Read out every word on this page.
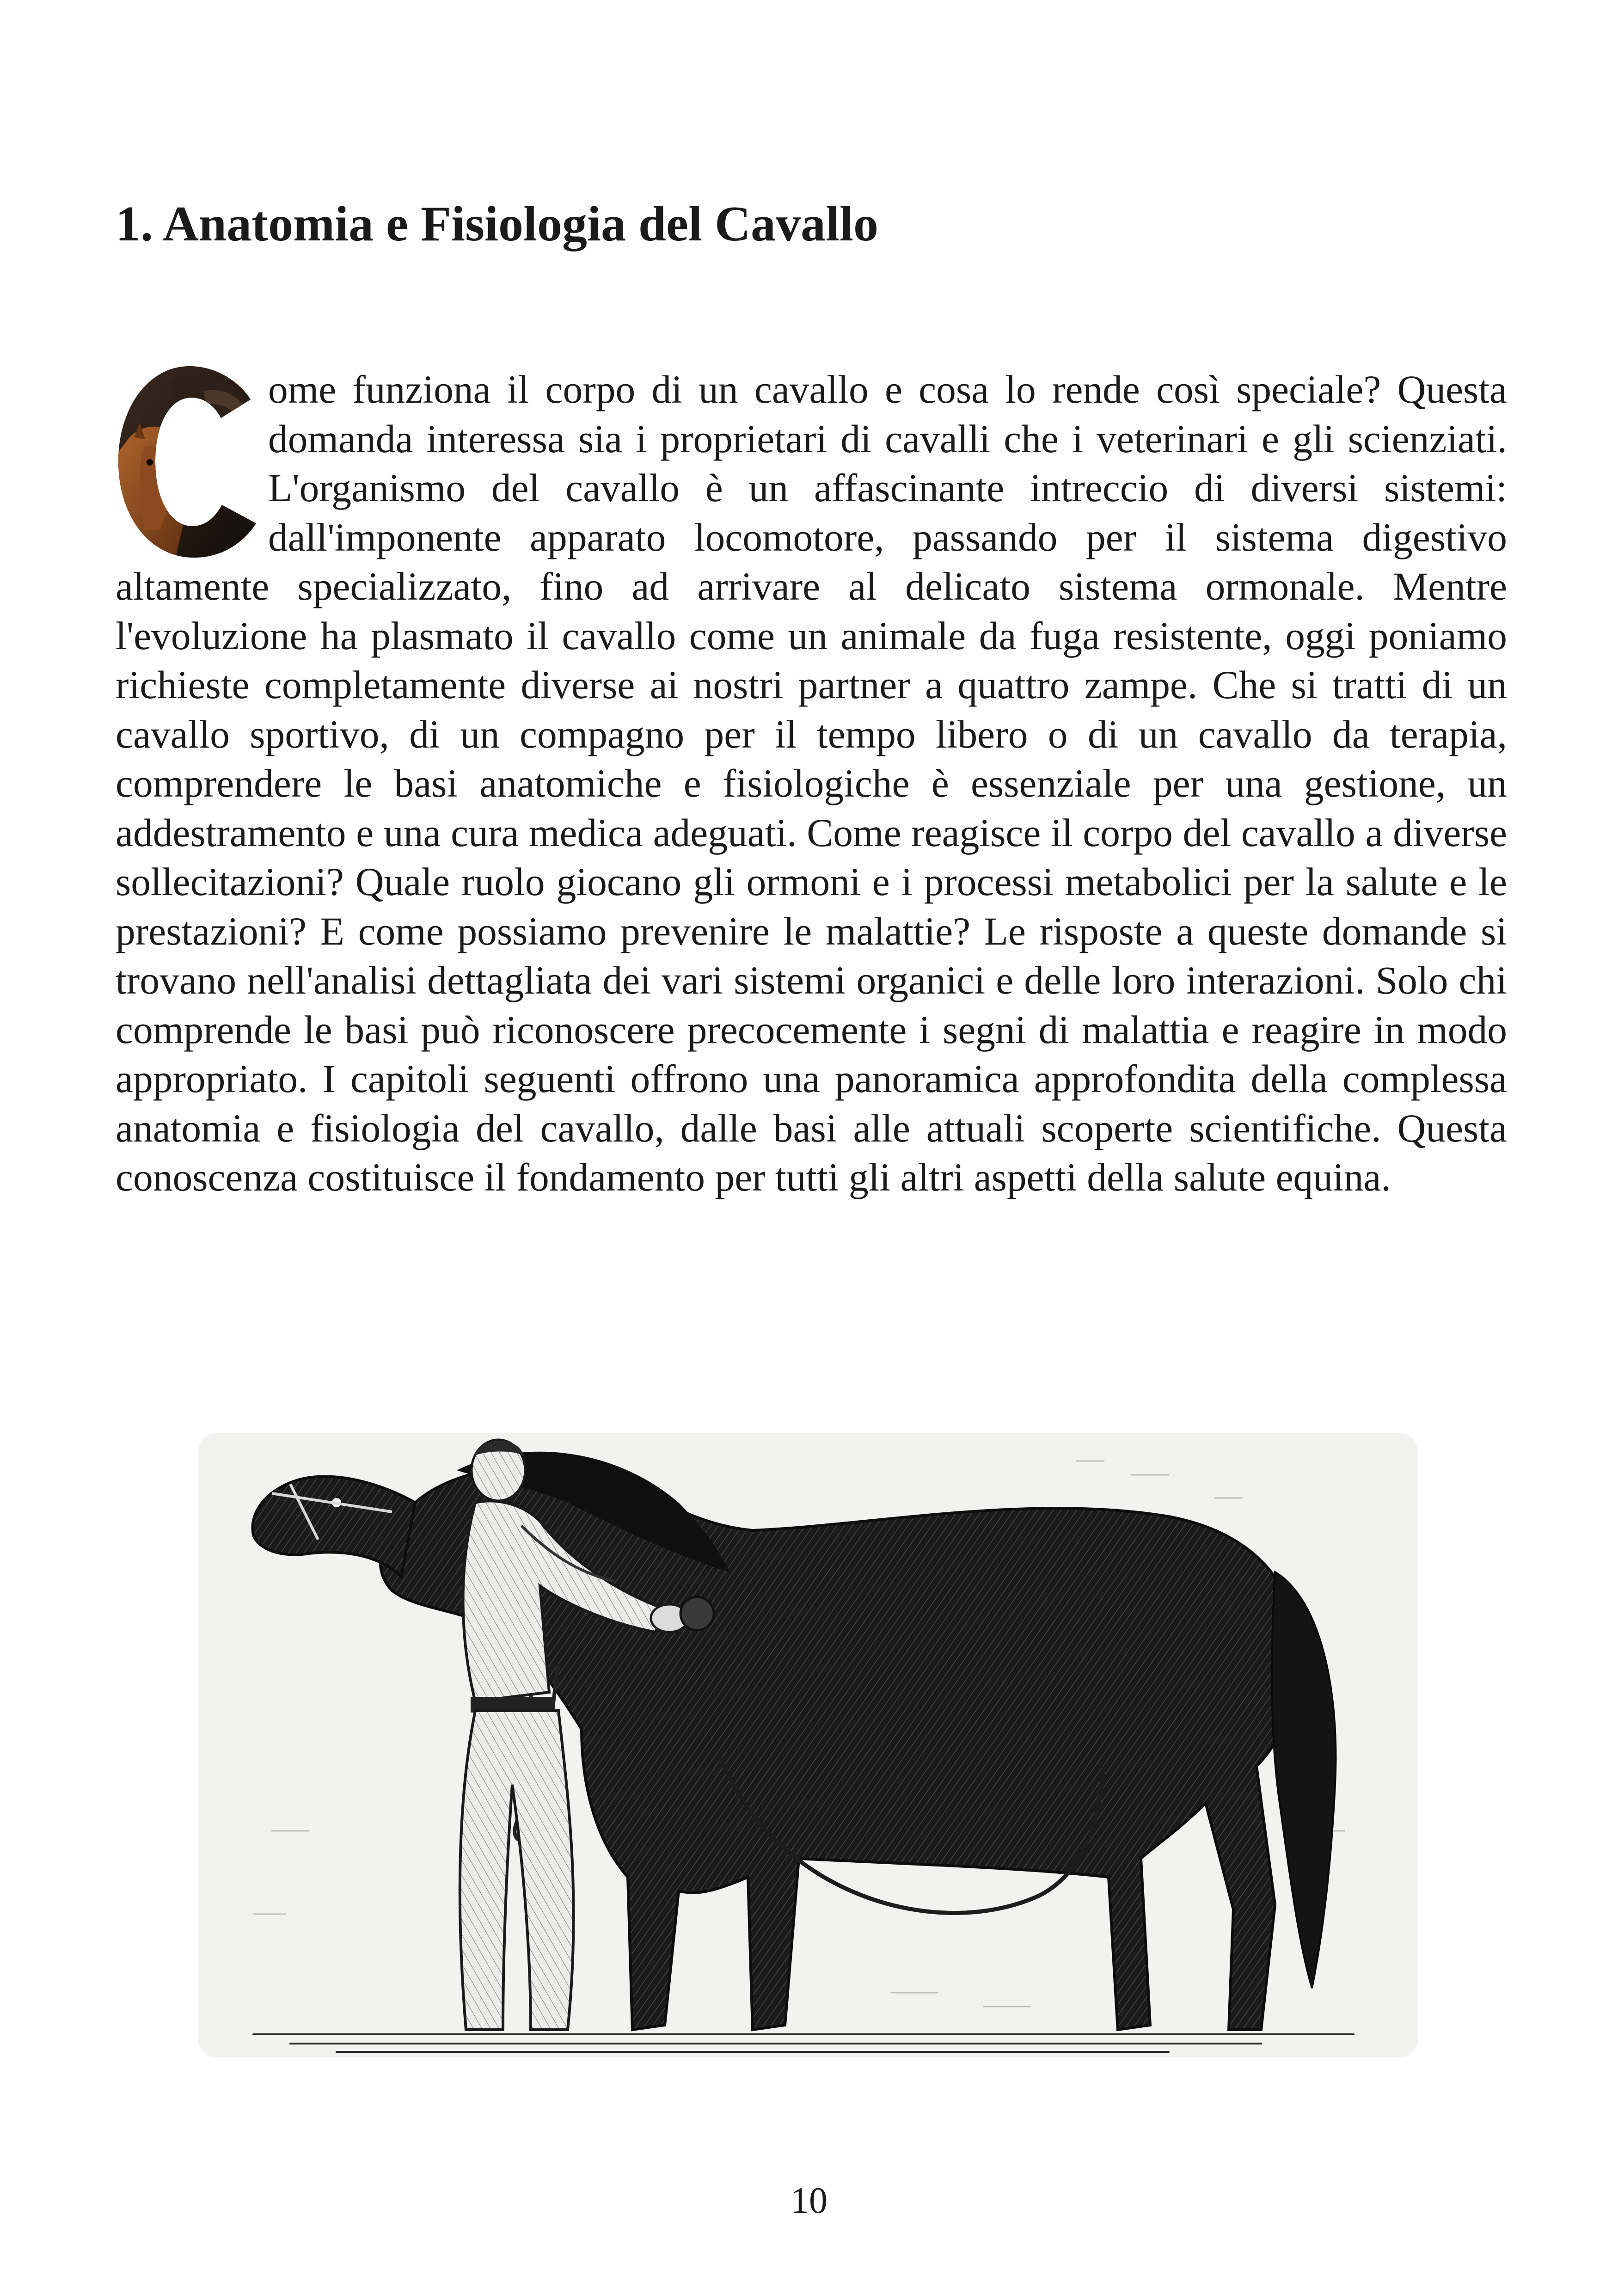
1. Anatomia e Fisiologia del Cavallo

ome funziona il corpo di un cavallo e cosa lo rende così speciale? Questa domanda interessa sia i proprietari di cavalli che i veterinari e gli scienziati. L'organismo del cavallo è un affascinante intreccio di diversi sistemi: dall'imponente apparato locomotore, passando per il sistema digestivo altamente specializzato, fino ad arrivare al delicato sistema ormonale. Mentre l'evoluzione ha plasmato il cavallo come un animale da fuga resistente, oggi poniamo richieste completamente diverse ai nostri partner a quattro zampe. Che si tratti di un cavallo sportivo, di un compagno per il tempo libero o di un cavallo da terapia, comprendere le basi anatomiche e fisiologiche è essenziale per una gestione, un addestramento e una cura medica adeguati. Come reagisce il corpo del cavallo a diverse sollecitazioni? Quale ruolo giocano gli ormoni e i processi metabolici per la salute e le prestazioni? E come possiamo prevenire le malattie? Le risposte a queste domande si trovano nell'analisi dettagliata dei vari sistemi organici e delle loro interazioni. Solo chi comprende le basi può riconoscere precocemente i segni di malattia e reagire in modo appropriato. I capitoli seguenti offrono una panoramica approfondita della complessa anatomia e fisiologia del cavallo, dalle basi alle attuali scoperte scientifiche. Questa conoscenza costituisce il fondamento per tutti gli altri aspetti della salute equina.

10
